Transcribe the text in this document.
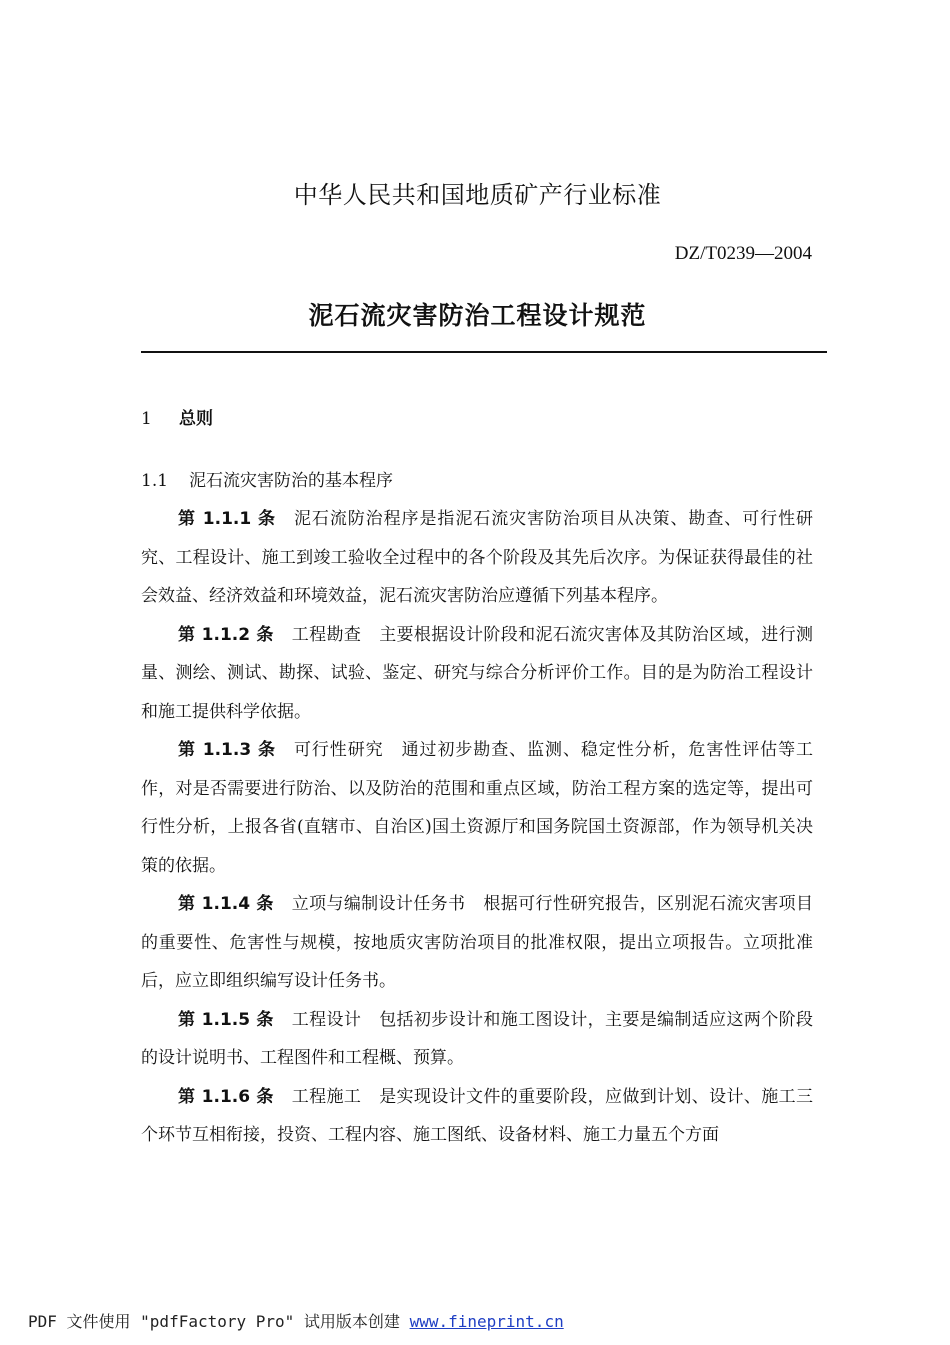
中华人民共和国地质矿产行业标准
DZ/T0239—2004
泥石流灾害防治工程设计规范
1 总则
1.1 泥石流灾害防治的基本程序

第 1.1.1 条 泥石流防治程序是指泥石流灾害防治项目从决策、勘查、可行性研究、工程设计、施工到竣工验收全过程中的各个阶段及其先后次序。为保证获得最佳的社会效益、经济效益和环境效益，泥石流灾害防治应遵循下列基本程序。

第 1.1.2 条 工程勘查 主要根据设计阶段和泥石流灾害体及其防治区域，进行测量、测绘、测试、勘探、试验、鉴定、研究与综合分析评价工作。目的是为防治工程设计和施工提供科学依据。

第 1.1.3 条 可行性研究 通过初步勘查、监测、稳定性分析，危害性评估等工作，对是否需要进行防治、以及防治的范围和重点区域，防治工程方案的选定等，提出可行性分析，上报各省(直辖市、自治区)国土资源厅和国务院国土资源部，作为领导机关决策的依据。

第 1.1.4 条 立项与编制设计任务书 根据可行性研究报告，区别泥石流灾害项目的重要性、危害性与规模，按地质灾害防治项目的批准权限，提出立项报告。立项批准后，应立即组织编写设计任务书。

第 1.1.5 条 工程设计 包括初步设计和施工图设计，主要是编制适应这两个阶段的设计说明书、工程图件和工程概、预算。

第 1.1.6 条 工程施工 是实现设计文件的重要阶段，应做到计划、设计、施工三个环节互相衔接，投资、工程内容、施工图纸、设备材料、施工力量五个方面

PDF 文件使用 "pdfFactory Pro" 试用版本创建 www.fineprint.cn
